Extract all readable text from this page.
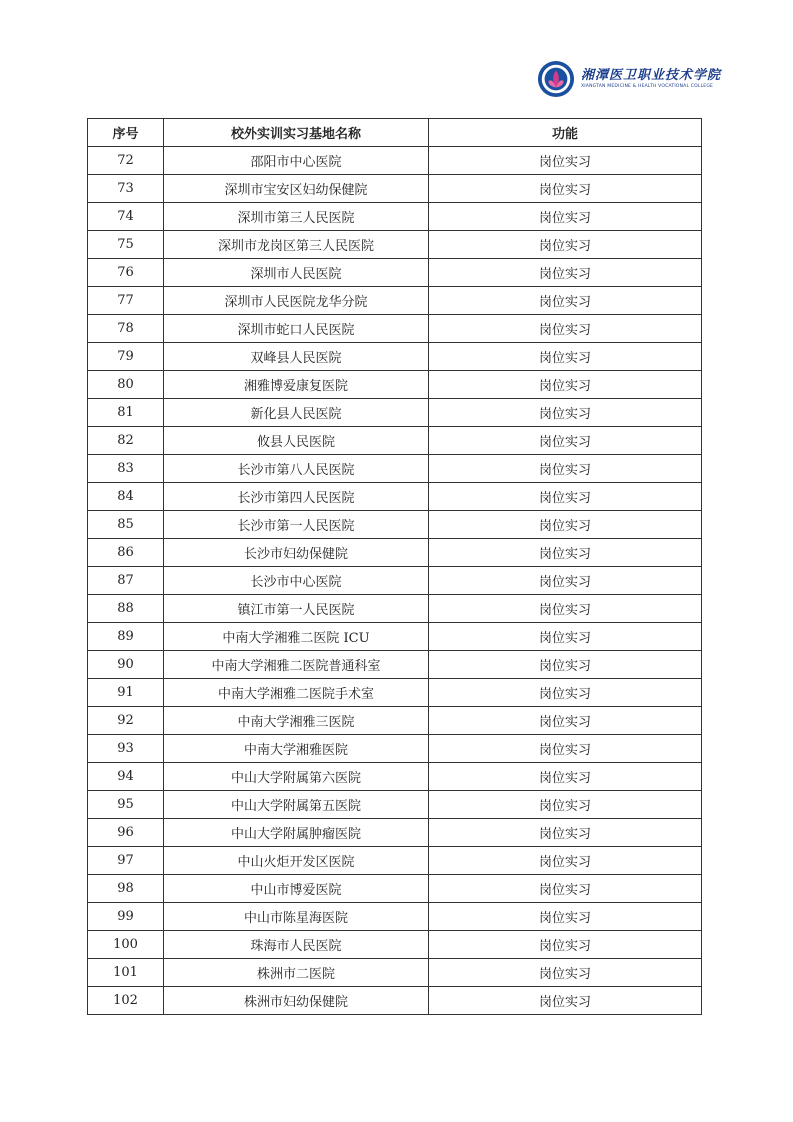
湘潭医卫职业技术学院
XIANGTAN MEDICINE & HEALTH VOCATIONAL COLLEGE
序号	校外实训实习基地名称	功能
72	邵阳市中心医院	岗位实习
73	深圳市宝安区妇幼保健院	岗位实习
74	深圳市第三人民医院	岗位实习
75	深圳市龙岗区第三人民医院	岗位实习
76	深圳市人民医院	岗位实习
77	深圳市人民医院龙华分院	岗位实习
78	深圳市蛇口人民医院	岗位实习
79	双峰县人民医院	岗位实习
80	湘雅博爱康复医院	岗位实习
81	新化县人民医院	岗位实习
82	攸县人民医院	岗位实习
83	长沙市第八人民医院	岗位实习
84	长沙市第四人民医院	岗位实习
85	长沙市第一人民医院	岗位实习
86	长沙市妇幼保健院	岗位实习
87	长沙市中心医院	岗位实习
88	镇江市第一人民医院	岗位实习
89	中南大学湘雅二医院 ICU	岗位实习
90	中南大学湘雅二医院普通科室	岗位实习
91	中南大学湘雅二医院手术室	岗位实习
92	中南大学湘雅三医院	岗位实习
93	中南大学湘雅医院	岗位实习
94	中山大学附属第六医院	岗位实习
95	中山大学附属第五医院	岗位实习
96	中山大学附属肿瘤医院	岗位实习
97	中山火炬开发区医院	岗位实习
98	中山市博爱医院	岗位实习
99	中山市陈星海医院	岗位实习
100	珠海市人民医院	岗位实习
101	株洲市二医院	岗位实习
102	株洲市妇幼保健院	岗位实习
